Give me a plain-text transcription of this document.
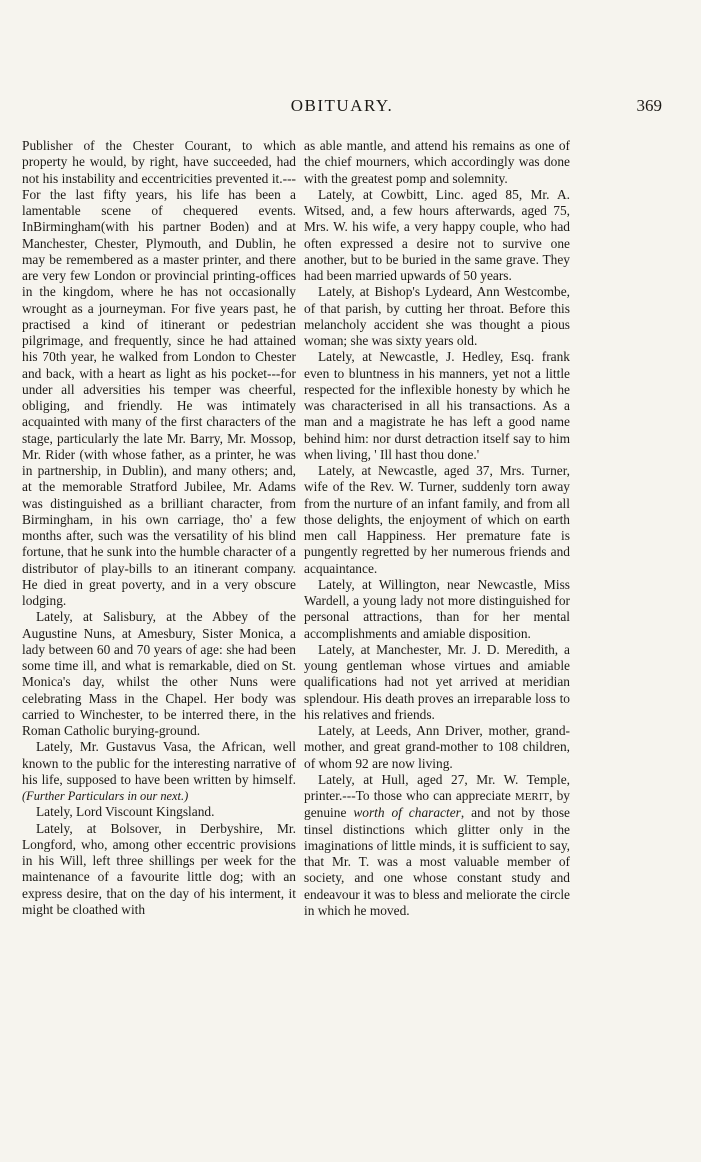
OBITUARY.	369

Publisher of the Chester Courant, to which property he would, by right, have succeeded, had not his instability and eccentricities prevented it.---For the last fifty years, his life has been a lamentable scene of chequered events. InBirmingham(with his partner Boden) and at Manchester, Chester, Plymouth, and Dublin, he may be remembered as a master printer, and there are very few London or provincial printing-offices in the kingdom, where he has not occasionally wrought as a journeyman. For five years past, he practised a kind of itinerant or pedestrian pilgrimage, and frequently, since he had attained his 70th year, he walked from London to Chester and back, with a heart as light as his pocket---for under all adversities his temper was cheerful, obliging, and friendly. He was intimately acquainted with many of the first characters of the stage, particularly the late Mr. Barry, Mr. Mossop, Mr. Rider (with whose father, as a printer, he was in partnership, in Dublin), and many others; and, at the memorable Stratford Jubilee, Mr. Adams was distinguished as a brilliant character, from Birmingham, in his own carriage, tho' a few months after, such was the versatility of his blind fortune, that he sunk into the humble character of a distributor of play-bills to an itinerant company. He died in great poverty, and in a very obscure lodging.

Lately, at Salisbury, at the Abbey of the Augustine Nuns, at Amesbury, Sister Monica, a lady between 60 and 70 years of age: she had been some time ill, and what is remarkable, died on St. Monica's day, whilst the other Nuns were celebrating Mass in the Chapel. Her body was carried to Winchester, to be interred there, in the Roman Catholic burying-ground.

Lately, Mr. Gustavus Vasa, the African, well known to the public for the interesting narrative of his life, supposed to have been written by himself. (Further Particulars in our next.)

Lately, Lord Viscount Kingsland.

Lately, at Bolsover, in Derbyshire, Mr. Longford, who, among other eccentric provisions in his Will, left three shillings per week for the maintenance of a favourite little dog; with an express desire, that on the day of his interment, it might be cloathed with

as able mantle, and attend his remains as one of the chief mourners, which accordingly was done with the greatest pomp and solemnity.

Lately, at Cowbitt, Linc. aged 85, Mr. A. Witsed, and, a few hours afterwards, aged 75, Mrs. W. his wife, a very happy couple, who had often expressed a desire not to survive one another, but to be buried in the same grave. They had been married upwards of 50 years.

Lately, at Bishop's Lydeard, Ann Westcombe, of that parish, by cutting her throat. Before this melancholy accident she was thought a pious woman; she was sixty years old.

Lately, at Newcastle, J. Hedley, Esq. frank even to bluntness in his manners, yet not a little respected for the inflexible honesty by which he was characterised in all his transactions. As a man and a magistrate he has left a good name behind him: nor durst detraction itself say to him when living, ' Ill hast thou done.'

Lately, at Newcastle, aged 37, Mrs. Turner, wife of the Rev. W. Turner, suddenly torn away from the nurture of an infant family, and from all those delights, the enjoyment of which on earth men call Happiness. Her premature fate is pungently regretted by her numerous friends and acquaintance.

Lately, at Willington, near Newcastle, Miss Wardell, a young lady not more distinguished for personal attractions, than for her mental accomplishments and amiable disposition.

Lately, at Manchester, Mr. J. D. Meredith, a young gentleman whose virtues and amiable qualifications had not yet arrived at meridian splendour. His death proves an irreparable loss to his relatives and friends.

Lately, at Leeds, Ann Driver, mother, grand-mother, and great grand-mother to 108 children, of whom 92 are now living.

Lately, at Hull, aged 27, Mr. W. Temple, printer.---To those who can appreciate MERIT, by genuine worth of character, and not by those tinsel distinctions which glitter only in the imaginations of little minds, it is sufficient to say, that Mr. T. was a most valuable member of society, and one whose constant study and endeavour it was to bless and meliorate the circle in which he moved.
